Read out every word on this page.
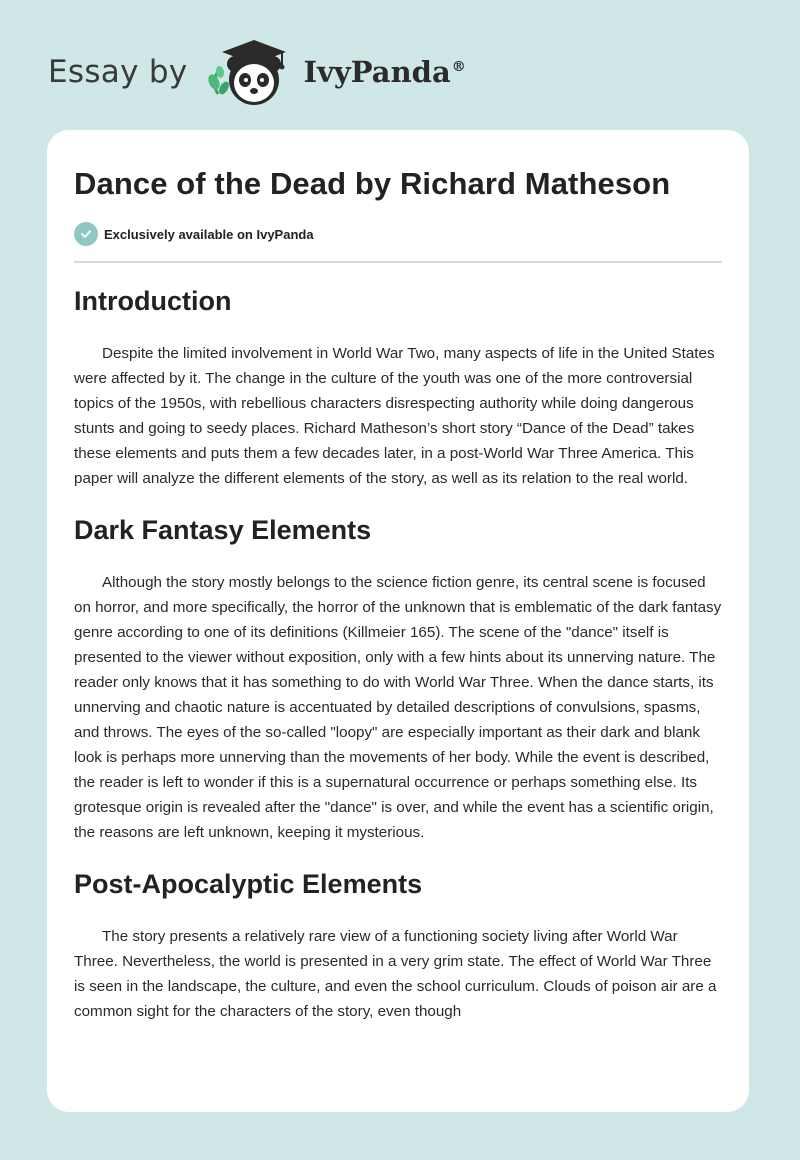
Essay by	IvyPanda®
Dance of the Dead by Richard Matheson
Exclusively available on IvyPanda
Introduction

Despite the limited involvement in World War Two, many aspects of life in the United States were affected by it. The change in the culture of the youth was one of the more controversial topics of the 1950s, with rebellious characters disrespecting authority while doing dangerous stunts and going to seedy places. Richard Matheson’s short story “Dance of the Dead” takes these elements and puts them a few decades later, in a post-World War Three America. This paper will analyze the different elements of the story, as well as its relation to the real world.

Dark Fantasy Elements

Although the story mostly belongs to the science fiction genre, its central scene is focused on horror, and more specifically, the horror of the unknown that is emblematic of the dark fantasy genre according to one of its definitions (Killmeier 165). The scene of the "dance" itself is presented to the viewer without exposition, only with a few hints about its unnerving nature. The reader only knows that it has something to do with World War Three. When the dance starts, its unnerving and chaotic nature is accentuated by detailed descriptions of convulsions, spasms, and throws. The eyes of the so-called "loopy" are especially important as their dark and blank look is perhaps more unnerving than the movements of her body. While the event is described, the reader is left to wonder if this is a supernatural occurrence or perhaps something else. Its grotesque origin is revealed after the "dance" is over, and while the event has a scientific origin, the reasons are left unknown, keeping it mysterious.

Post-Apocalyptic Elements

The story presents a relatively rare view of a functioning society living after World War Three. Nevertheless, the world is presented in a very grim state. The effect of World War Three is seen in the landscape, the culture, and even the school curriculum. Clouds of poison air are a common sight for the characters of the story, even though
